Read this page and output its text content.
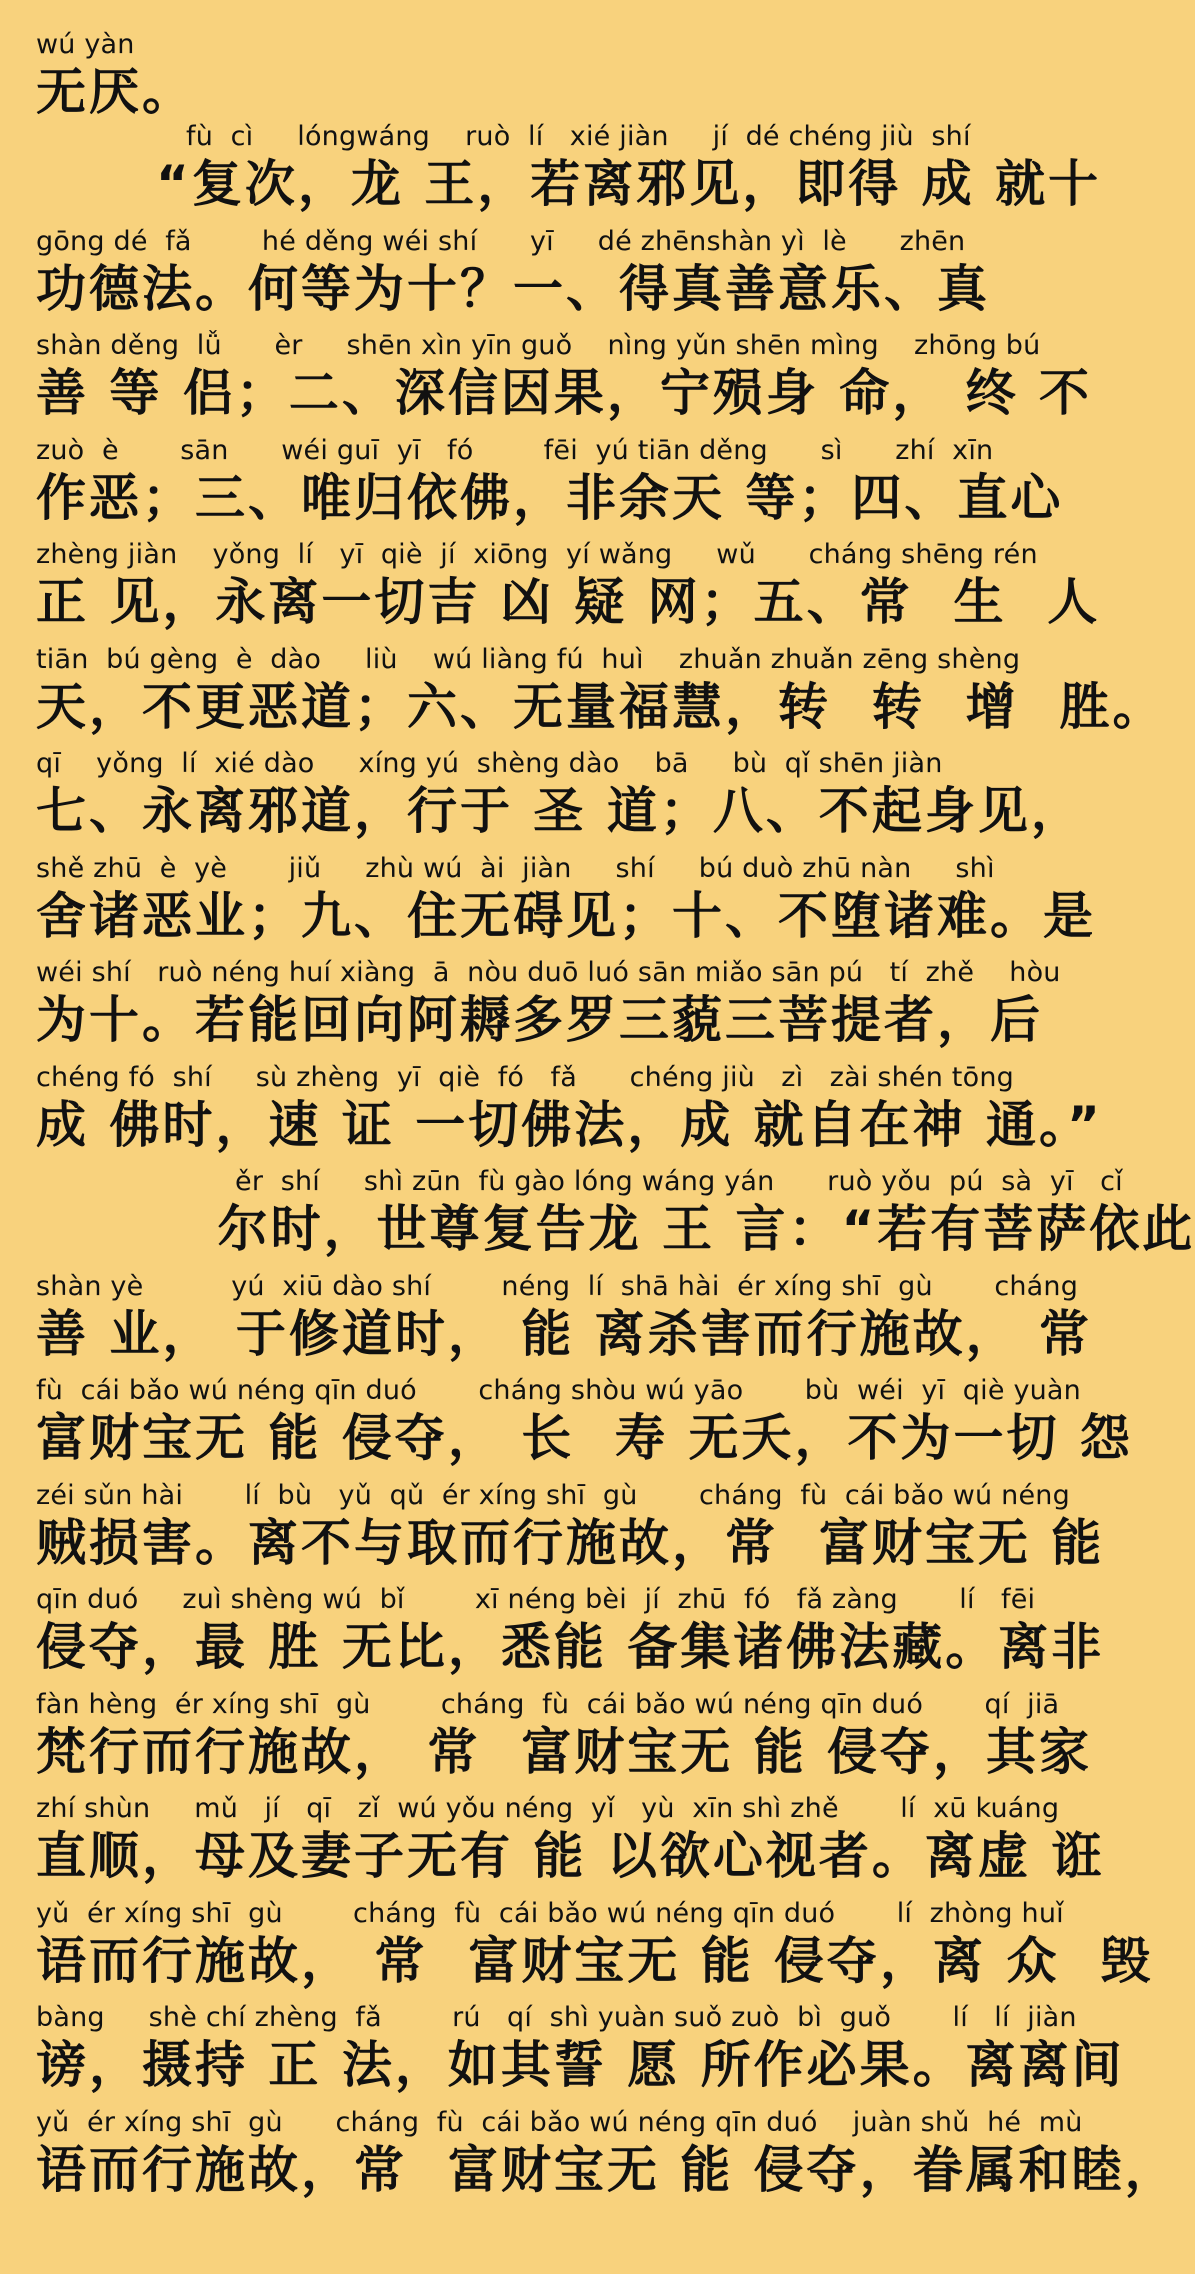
wú yàn
无厌。
fù  cì     lóngwáng    ruò  lí   xié jiàn     jí  dé chéng jiù  shí
“复次，龙 王，若离邪见，即得 成 就十
gōng dé  fǎ        hé děng wéi shí      yī     dé zhēnshàn yì  lè      zhēn
功德法。何等为十？一、得真善意乐、真
shàn děng  lǚ      èr     shēn xìn yīn guǒ    nìng yǔn shēn mìng    zhōng bú
善 等 侣；二、深信因果，宁殒身 命， 终 不
zuò  è       sān      wéi guī  yī   fó        fēi  yú tiān děng      sì      zhí  xīn
作恶；三、唯归依佛，非余天 等；四、直心
zhèng jiàn    yǒng  lí   yī  qiè  jí  xiōng  yí wǎng     wǔ      cháng shēng rén
正 见，永离一切吉 凶 疑 网；五、常  生  人
tiān  bú gèng  è  dào     liù    wú liàng fú  huì    zhuǎn zhuǎn zēng shèng
天，不更恶道；六、无量福慧，转  转  增  胜。
qī    yǒng  lí  xié dào     xíng yú  shèng dào    bā     bù  qǐ shēn jiàn
七、永离邪道，行于 圣 道；八、不起身见，
shě zhū  è  yè       jiǔ     zhù wú  ài  jiàn     shí     bú duò zhū nàn     shì
舍诸恶业；九、住无碍见；十、不堕诸难。是
wéi shí   ruò néng huí xiàng  ā  nòu duō luó sān miǎo sān pú   tí  zhě    hòu
为十。若能回向阿耨多罗三藐三菩提者，后
chéng fó  shí     sù zhèng  yī  qiè  fó   fǎ      chéng jiù   zì   zài shén tōng
成 佛时，速 证 一切佛法，成 就自在神 通。”
ěr  shí     shì zūn  fù gào lóng wáng yán      ruò yǒu  pú  sà  yī   cǐ
尔时，世尊复告龙 王 言：“若有菩萨依此
shàn yè          yú  xiū dào shí        néng  lí  shā hài  ér xíng shī  gù       cháng
善 业， 于修道时， 能 离杀害而行施故， 常
fù  cái bǎo wú néng qīn duó       cháng shòu wú yāo       bù  wéi  yī  qiè yuàn
富财宝无 能 侵夺， 长  寿 无夭，不为一切 怨
zéi sǔn hài       lí  bù   yǔ  qǔ  ér xíng shī  gù       cháng  fù  cái bǎo wú néng
贼损害。离不与取而行施故，常  富财宝无 能
qīn duó     zuì shèng wú  bǐ        xī néng bèi  jí  zhū  fó   fǎ zàng       lí   fēi
侵夺，最 胜 无比，悉能 备集诸佛法藏。离非
fàn hèng  ér xíng shī  gù        cháng  fù  cái bǎo wú néng qīn duó       qí  jiā
梵行而行施故， 常  富财宝无 能 侵夺，其家
zhí shùn     mǔ   jí   qī   zǐ  wú yǒu néng  yǐ   yù  xīn shì zhě       lí  xū kuáng
直顺，母及妻子无有 能 以欲心视者。离虚 诳
yǔ  ér xíng shī  gù        cháng  fù  cái bǎo wú néng qīn duó       lí  zhòng huǐ
语而行施故， 常  富财宝无 能 侵夺，离 众  毁
bàng     shè chí zhèng  fǎ        rú   qí  shì yuàn suǒ zuò  bì  guǒ       lí   lí  jiàn
谤，摄持 正 法，如其誓 愿 所作必果。离离间
yǔ  ér xíng shī  gù      cháng  fù  cái bǎo wú néng qīn duó    juàn shǔ  hé  mù
语而行施故，常  富财宝无 能 侵夺，眷属和睦，
